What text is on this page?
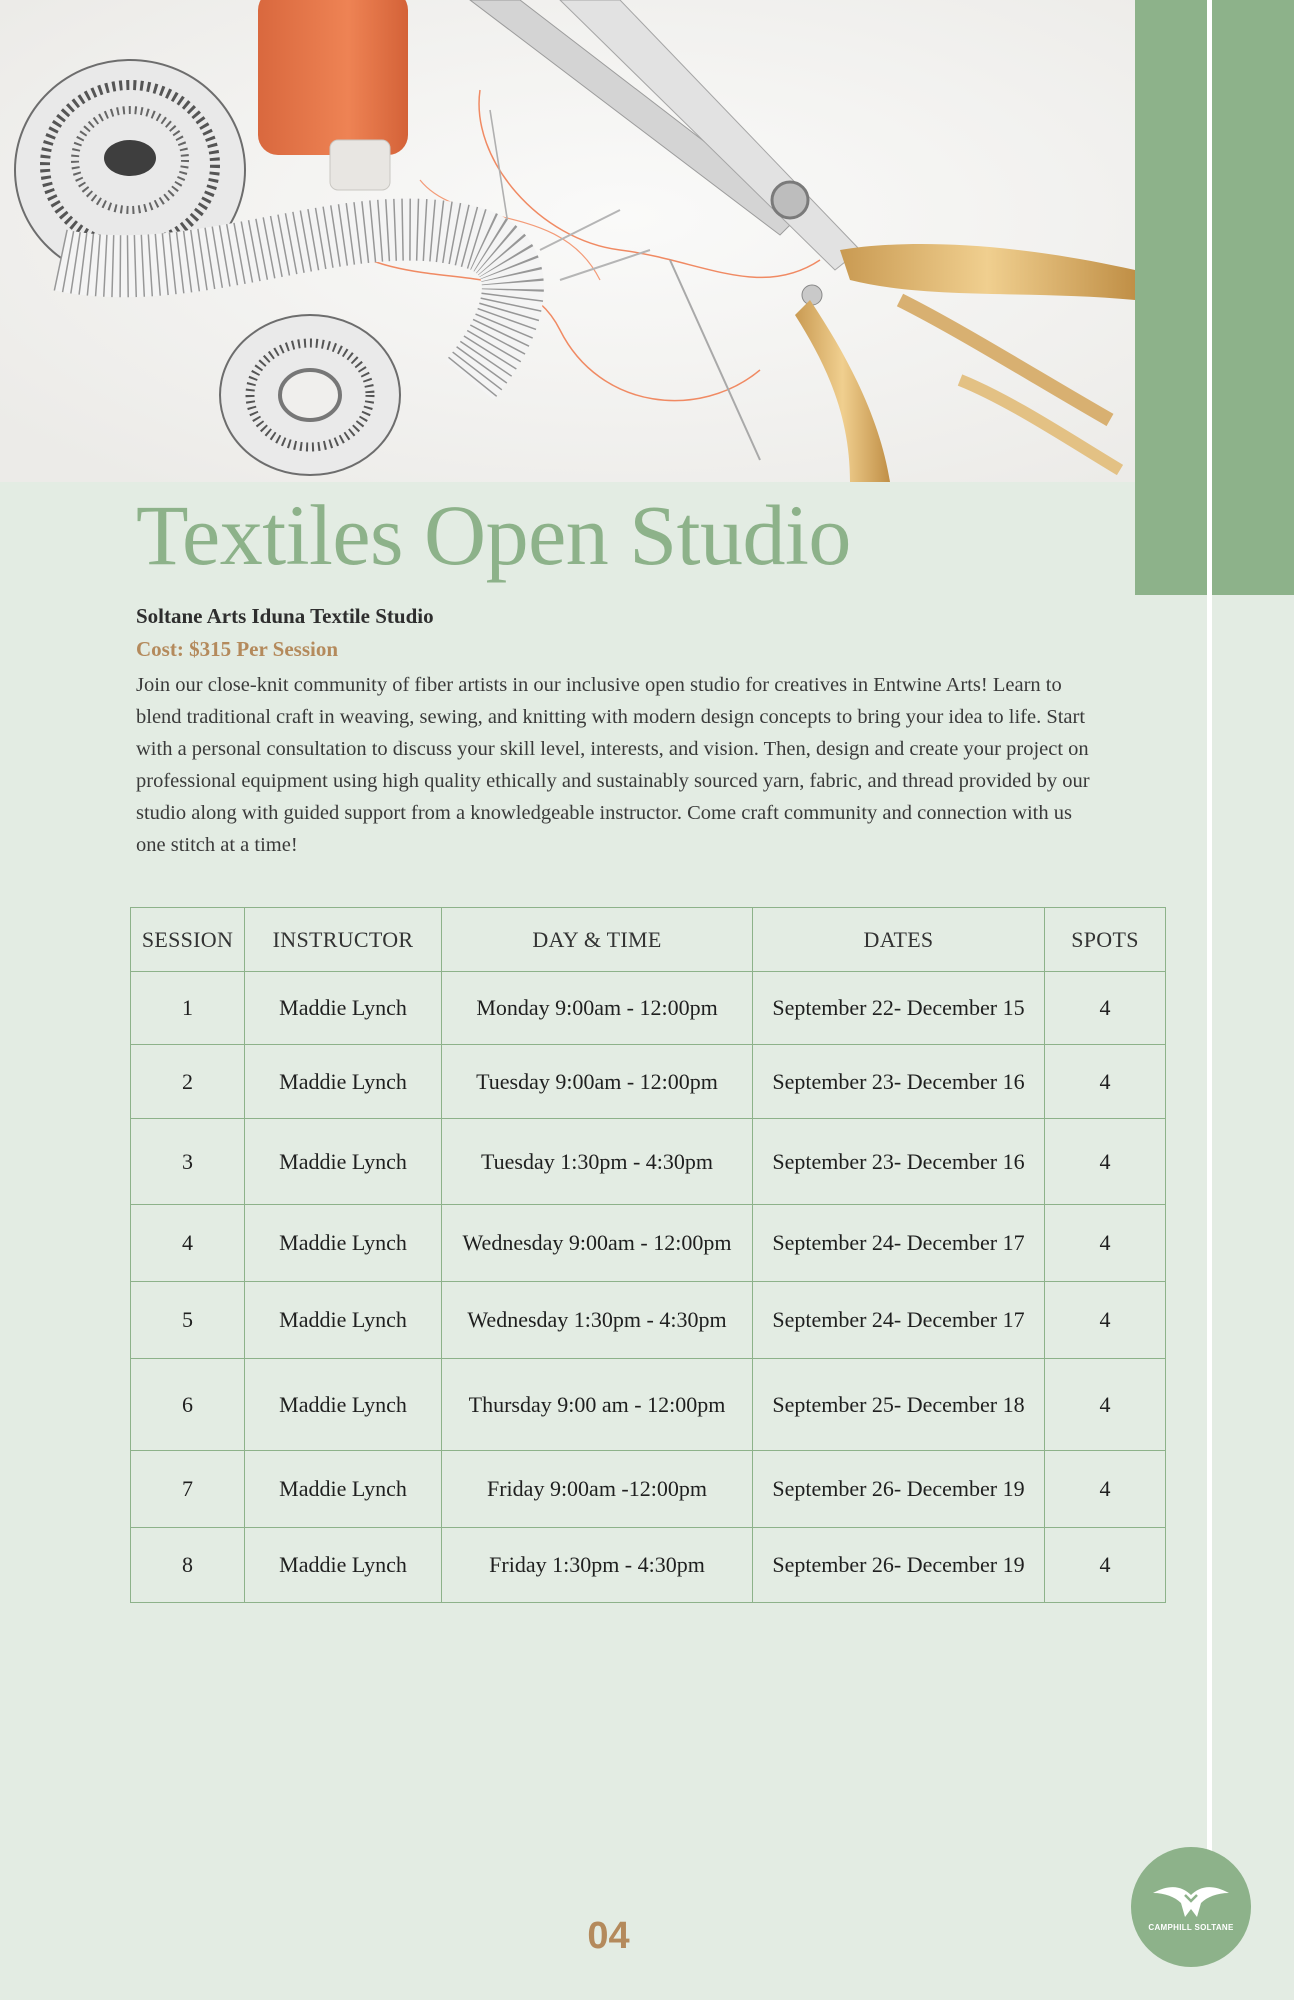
Textiles Open Studio
Soltane Arts Iduna Textile Studio
Cost: $315 Per Session
Join our close-knit community of fiber artists in our inclusive open studio for creatives in Entwine Arts! Learn to blend traditional craft in weaving, sewing, and knitting with modern design concepts to bring your idea to life. Start with a personal consultation to discuss your skill level, interests, and vision. Then, design and create your project on professional equipment using high quality ethically and sustainably sourced yarn, fabric, and thread provided by our studio along with guided support from a knowledgeable instructor. Come craft community and connection with us one stitch at a time!
SESSION	INSTRUCTOR	DAY & TIME	DATES	SPOTS
1	Maddie Lynch	Monday 9:00am - 12:00pm	September 22- December 15	4
2	Maddie Lynch	Tuesday 9:00am - 12:00pm	September 23- December 16	4
3	Maddie Lynch	Tuesday 1:30pm - 4:30pm	September 23- December 16	4
4	Maddie Lynch	Wednesday 9:00am - 12:00pm	September 24- December 17	4
5	Maddie Lynch	Wednesday 1:30pm - 4:30pm	September 24- December 17	4
6	Maddie Lynch	Thursday 9:00 am - 12:00pm	September 25- December 18	4
7	Maddie Lynch	Friday 9:00am -12:00pm	September 26- December 19	4
8	Maddie Lynch	Friday 1:30pm - 4:30pm	September 26- December 19	4
04	CAMPHILL SOLTANE
